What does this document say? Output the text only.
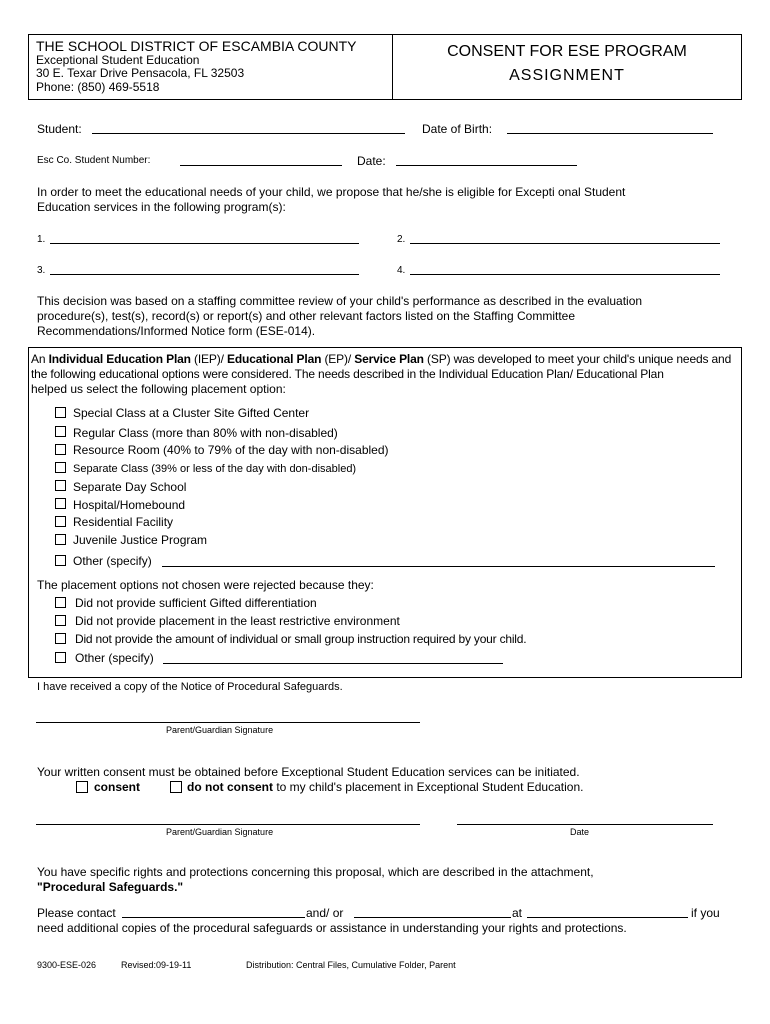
THE SCHOOL DISTRICT OF ESCAMBIA COUNTY
Exceptional Student Education
30 E. Texar Drive Pensacola, FL 32503
Phone: (850) 469-5518
CONSENT FOR ESE PROGRAM
ASSIGNMENT
Student:	Date of Birth:
Esc Co. Student Number:	Date:
In order to meet the educational needs of your child, we propose that he/she is eligible for Excepti onal Student
Education services in the following program(s):
1.	2.
3.	4.
This decision was based on a staffing committee review of your child's performance as described in the evaluation
procedure(s), test(s), record(s) or report(s) and other relevant factors listed on the Staffing Committee
Recommendations/Informed Notice form (ESE-014).
An Individual Education Plan (IEP)/ Educational Plan (EP)/ Service Plan (SP) was developed to meet your child's unique needs and
the following educational options were considered. The needs described in the Individual Education Plan/ Educational Plan
helped us select the following placement option:
Special Class at a Cluster Site Gifted Center
Regular Class (more than 80% with non-disabled)
Resource Room (40% to 79% of the day with non-disabled)
Separate Class (39% or less of the day with don-disabled)
Separate Day School
Hospital/Homebound
Residential Facility
Juvenile Justice Program
Other (specify)
The placement options not chosen were rejected because they:
Did not provide sufficient Gifted differentiation
Did not provide placement in the least restrictive environment
Did not provide the amount of individual or small group instruction required by your child.
Other (specify)
I have received a copy of the Notice of Procedural Safeguards.
Parent/Guardian Signature
Your written consent must be obtained before Exceptional Student Education services can be initiated.
consent	do not consent to my child's placement in Exceptional Student Education.
Parent/Guardian Signature	Date
You have specific rights and protections concerning this proposal, which are described in the attachment,
"Procedural Safeguards."
Please contact	and/ or	at	if you
need additional copies of the procedural safeguards or assistance in understanding your rights and protections.
9300-ESE-026	Revised:09-19-11	Distribution: Central Files, Cumulative Folder, Parent
